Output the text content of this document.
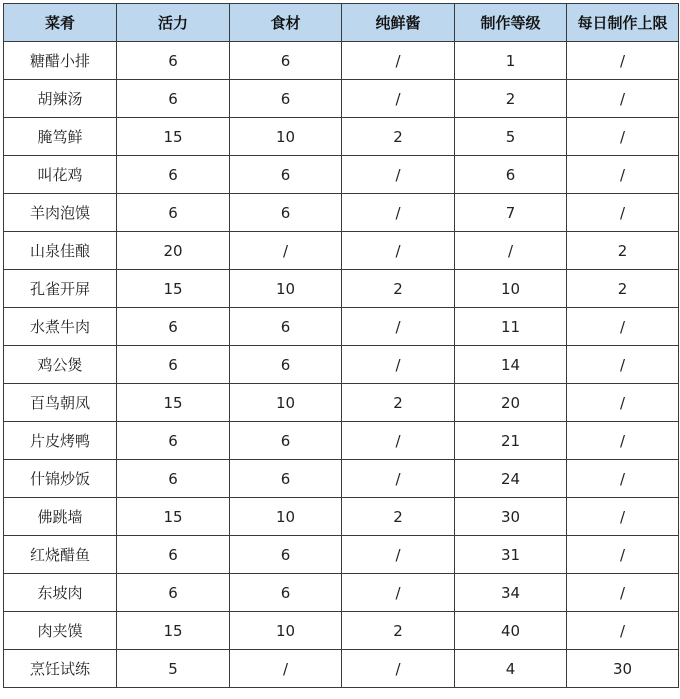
菜肴	活力	食材	纯鲜酱	制作等级	每日制作上限
糖醋小排	6	6	/	1	/
胡辣汤	6	6	/	2	/
腌笃鲜	15	10	2	5	/
叫花鸡	6	6	/	6	/
羊肉泡馍	6	6	/	7	/
山泉佳酿	20	/	/	/	2
孔雀开屏	15	10	2	10	2
水煮牛肉	6	6	/	11	/
鸡公煲	6	6	/	14	/
百鸟朝凤	15	10	2	20	/
片皮烤鸭	6	6	/	21	/
什锦炒饭	6	6	/	24	/
佛跳墙	15	10	2	30	/
红烧醋鱼	6	6	/	31	/
东坡肉	6	6	/	34	/
肉夹馍	15	10	2	40	/
烹饪试练	5	/	/	4	30
